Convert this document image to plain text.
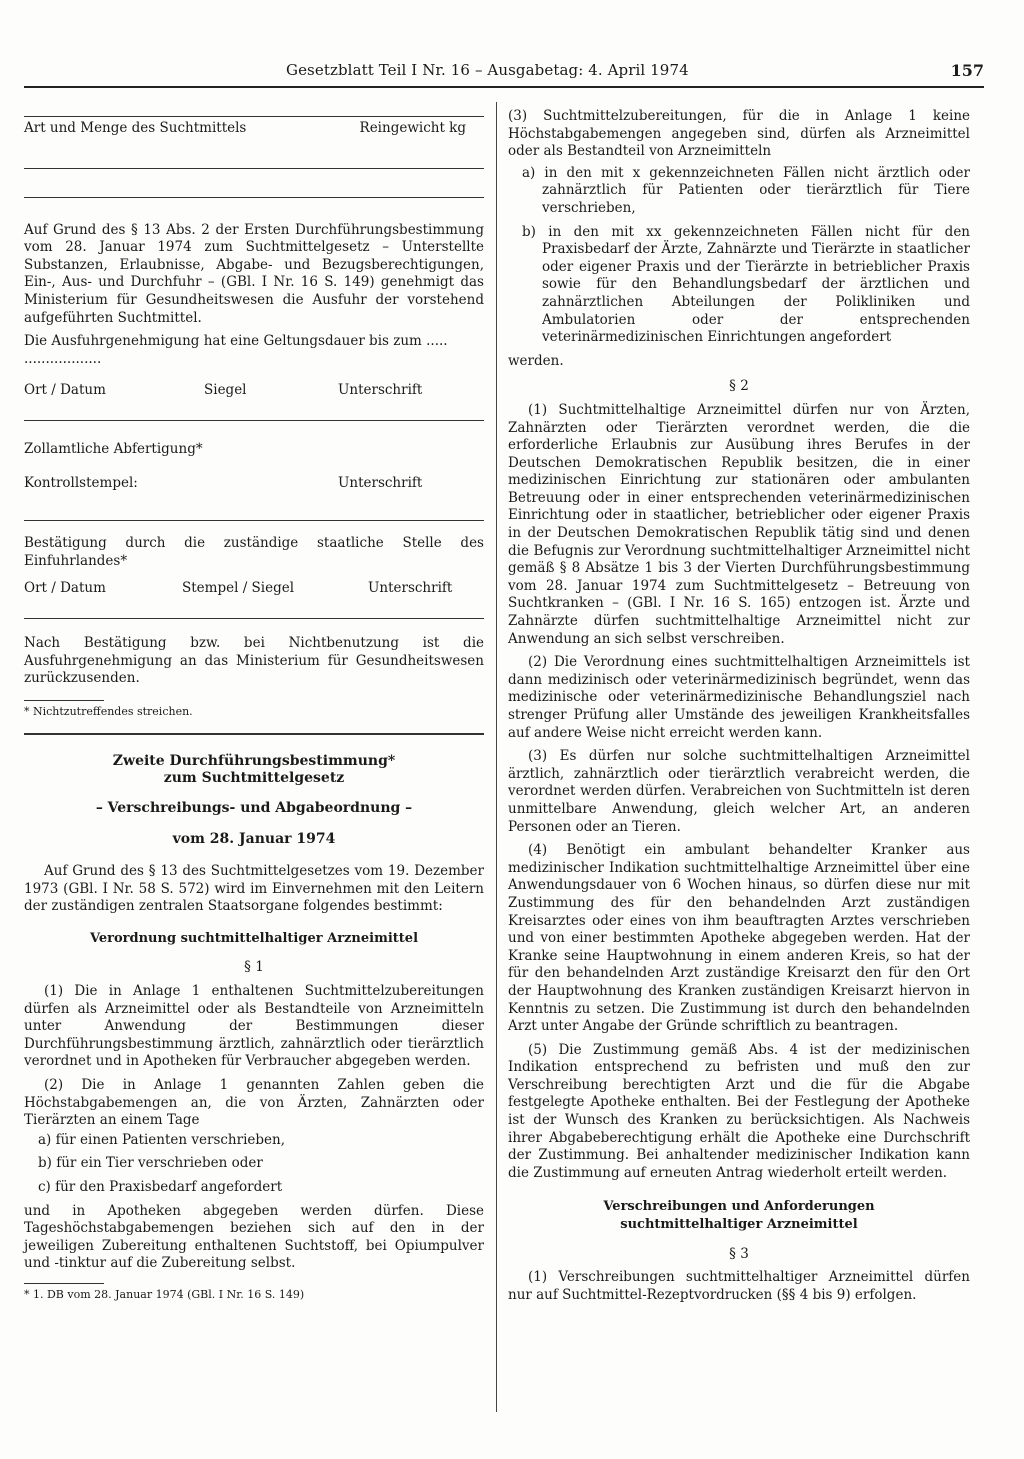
Gesetzblatt Teil I Nr. 16 – Ausgabetag: 4. April 1974	157
Art und Menge des Suchtmittels	Reingewicht kg

Auf Grund des § 13 Abs. 2 der Ersten Durchführungsbestimmung vom 28. Januar 1974 zum Suchtmittelgesetz – Unterstellte Substanzen, Erlaubnisse, Abgabe- und Bezugsberechtigungen, Ein-, Aus- und Durchfuhr – (GBl. I Nr. 16 S. 149) genehmigt das Ministerium für Gesundheitswesen die Ausfuhr der vorstehend aufgeführten Suchtmittel.

Die Ausfuhrgenehmigung hat eine Geltungsdauer bis zum .....

..................

Ort / Datum	Siegel	Unterschrift

Zollamtliche Abfertigung*

Kontrollstempel:	Unterschrift

Bestätigung durch die zuständige staatliche Stelle des Einfuhrlandes*

Ort / Datum	Stempel / Siegel	Unterschrift

Nach Bestätigung bzw. bei Nichtbenutzung ist die Ausfuhrgenehmigung an das Ministerium für Gesundheitswesen zurückzusenden.

* Nichtzutreffendes streichen.

Zweite Durchführungsbestimmung*
zum Suchtmittelgesetz
– Verschreibungs- und Abgabeordnung –
vom 28. Januar 1974

Auf Grund des § 13 des Suchtmittelgesetzes vom 19. Dezember 1973 (GBl. I Nr. 58 S. 572) wird im Einvernehmen mit den Leitern der zuständigen zentralen Staatsorgane folgendes bestimmt:

Verordnung suchtmittelhaltiger Arzneimittel
§ 1

(1) Die in Anlage 1 enthaltenen Suchtmittelzubereitungen dürfen als Arzneimittel oder als Bestandteile von Arzneimitteln unter Anwendung der Bestimmungen dieser Durchführungsbestimmung ärztlich, zahnärztlich oder tierärztlich verordnet und in Apotheken für Verbraucher abgegeben werden.

(2) Die in Anlage 1 genannten Zahlen geben die Höchstabgabemengen an, die von Ärzten, Zahnärzten oder Tierärzten an einem Tage

a) für einen Patienten verschrieben,

b) für ein Tier verschrieben oder

c) für den Praxisbedarf angefordert

und in Apotheken abgegeben werden dürfen. Diese Tageshöchstabgabemengen beziehen sich auf den in der jeweiligen Zubereitung enthaltenen Suchtstoff, bei Opiumpulver und -tinktur auf die Zubereitung selbst.

* 1. DB vom 28. Januar 1974 (GBl. I Nr. 16 S. 149)

(3) Suchtmittelzubereitungen, für die in Anlage 1 keine Höchstabgabemengen angegeben sind, dürfen als Arzneimittel oder als Bestandteil von Arzneimitteln

a) in den mit x gekennzeichneten Fällen nicht ärztlich oder zahnärztlich für Patienten oder tierärztlich für Tiere verschrieben,

b) in den mit xx gekennzeichneten Fällen nicht für den Praxisbedarf der Ärzte, Zahnärzte und Tierärzte in staatlicher oder eigener Praxis und der Tierärzte in betrieblicher Praxis sowie für den Behandlungsbedarf der ärztlichen und zahnärztlichen Abteilungen der Polikliniken und Ambulatorien oder der entsprechenden veterinärmedizinischen Einrichtungen angefordert

werden.

§ 2

(1) Suchtmittelhaltige Arzneimittel dürfen nur von Ärzten, Zahnärzten oder Tierärzten verordnet werden, die die erforderliche Erlaubnis zur Ausübung ihres Berufes in der Deutschen Demokratischen Republik besitzen, die in einer medizinischen Einrichtung zur stationären oder ambulanten Betreuung oder in einer entsprechenden veterinärmedizinischen Einrichtung oder in staatlicher, betrieblicher oder eigener Praxis in der Deutschen Demokratischen Republik tätig sind und denen die Befugnis zur Verordnung suchtmittelhaltiger Arzneimittel nicht gemäß § 8 Absätze 1 bis 3 der Vierten Durchführungsbestimmung vom 28. Januar 1974 zum Suchtmittelgesetz – Betreuung von Suchtkranken – (GBl. I Nr. 16 S. 165) entzogen ist. Ärzte und Zahnärzte dürfen suchtmittelhaltige Arzneimittel nicht zur Anwendung an sich selbst verschreiben.

(2) Die Verordnung eines suchtmittelhaltigen Arzneimittels ist dann medizinisch oder veterinärmedizinisch begründet, wenn das medizinische oder veterinärmedizinische Behandlungsziel nach strenger Prüfung aller Umstände des jeweiligen Krankheitsfalles auf andere Weise nicht erreicht werden kann.

(3) Es dürfen nur solche suchtmittelhaltigen Arzneimittel ärztlich, zahnärztlich oder tierärztlich verabreicht werden, die verordnet werden dürfen. Verabreichen von Suchtmitteln ist deren unmittelbare Anwendung, gleich welcher Art, an anderen Personen oder an Tieren.

(4) Benötigt ein ambulant behandelter Kranker aus medizinischer Indikation suchtmittelhaltige Arzneimittel über eine Anwendungsdauer von 6 Wochen hinaus, so dürfen diese nur mit Zustimmung des für den behandelnden Arzt zuständigen Kreisarztes oder eines von ihm beauftragten Arztes verschrieben und von einer bestimmten Apotheke abgegeben werden. Hat der Kranke seine Hauptwohnung in einem anderen Kreis, so hat der für den behandelnden Arzt zuständige Kreisarzt den für den Ort der Hauptwohnung des Kranken zuständigen Kreisarzt hiervon in Kenntnis zu setzen. Die Zustimmung ist durch den behandelnden Arzt unter Angabe der Gründe schriftlich zu beantragen.

(5) Die Zustimmung gemäß Abs. 4 ist der medizinischen Indikation entsprechend zu befristen und muß den zur Verschreibung berechtigten Arzt und die für die Abgabe festgelegte Apotheke enthalten. Bei der Festlegung der Apotheke ist der Wunsch des Kranken zu berücksichtigen. Als Nachweis ihrer Abgabeberechtigung erhält die Apotheke eine Durchschrift der Zustimmung. Bei anhaltender medizinischer Indikation kann die Zustimmung auf erneuten Antrag wiederholt erteilt werden.

Verschreibungen und Anforderungen
suchtmittelhaltiger Arzneimittel
§ 3

(1) Verschreibungen suchtmittelhaltiger Arzneimittel dürfen nur auf Suchtmittel-Rezeptvordrucken (§§ 4 bis 9) erfolgen.
